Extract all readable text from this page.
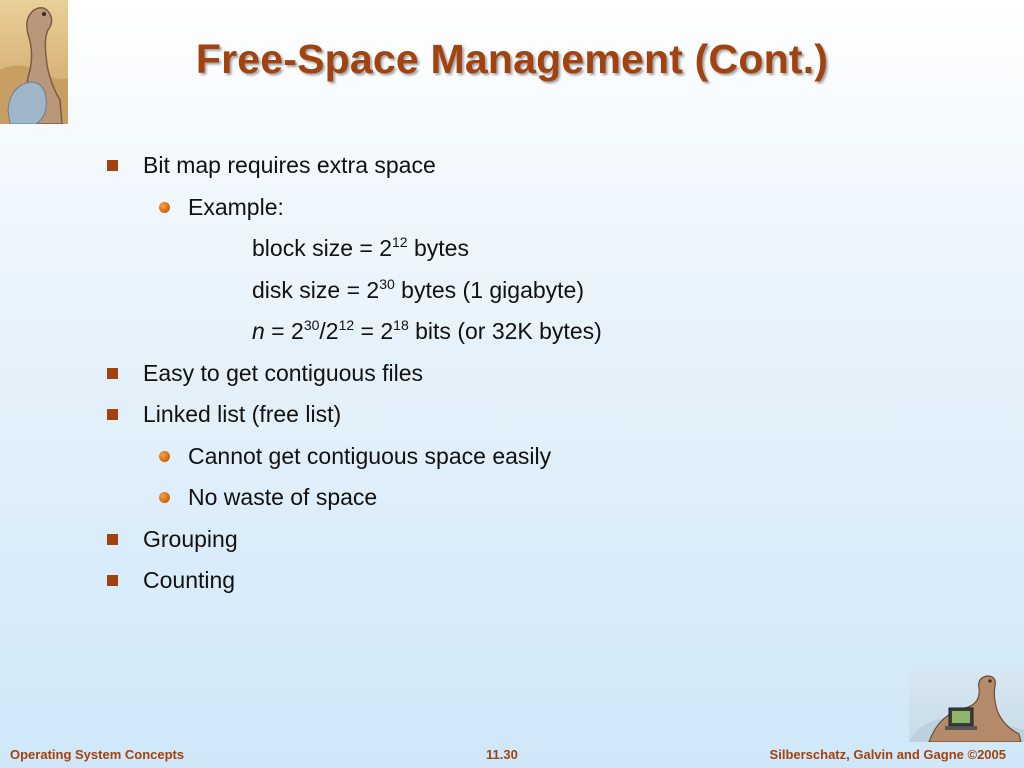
Free-Space Management (Cont.)
Bit map requires extra space
Example:
block size = $2^{12}$ bytes
disk size = $2^{30}$ bytes (1 gigabyte)
$n = 2^{30}/2^{12} = 2^{18}$ bits (or 32K bytes)
Easy to get contiguous files
Linked list (free list)
Cannot get contiguous space easily
No waste of space
Grouping
Counting
Operating System Concepts	11.30	Silberschatz, Galvin and Gagne ©2005
